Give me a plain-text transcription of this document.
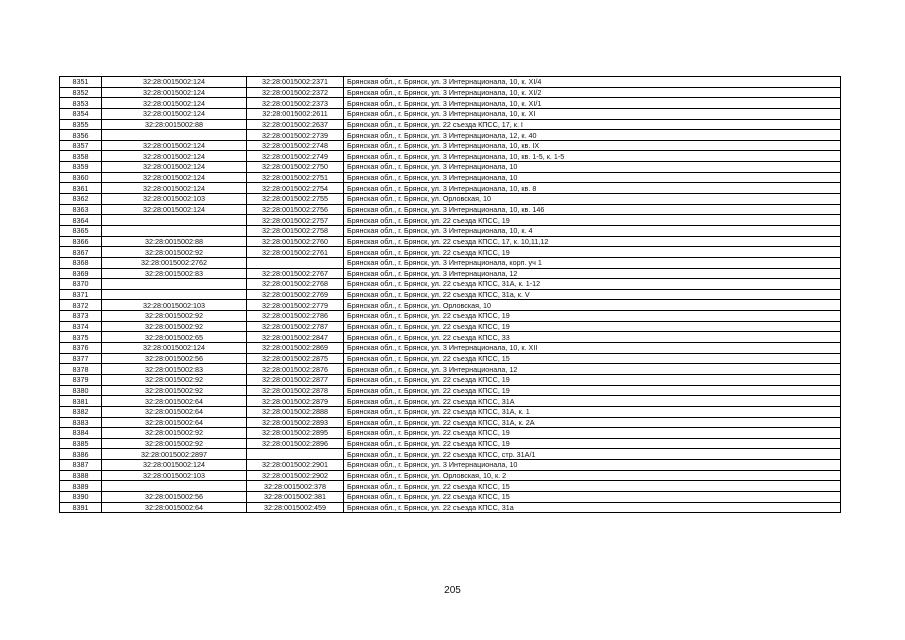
8351	32:28:0015002:124	32:28:0015002:2371	Брянская обл., г. Брянск, ул. 3 Интернационала, 10, к. XI/4
8352	32:28:0015002:124	32:28:0015002:2372	Брянская обл., г. Брянск, ул. 3 Интернационала, 10, к. XI/2
8353	32:28:0015002:124	32:28:0015002:2373	Брянская обл., г. Брянск, ул. 3 Интернационала, 10, к. XI/1
8354	32:28:0015002:124	32:28:0015002:2611	Брянская обл., г. Брянск, ул. 3 Интернационала, 10, к. XI
8355	32:28:0015002:88	32:28:0015002:2637	Брянская обл., г. Брянск, ул. 22 съезда КПСС, 17, к. I
8356		32:28:0015002:2739	Брянская обл., г. Брянск, ул. 3 Интернационала, 12, к. 40
8357	32:28:0015002:124	32:28:0015002:2748	Брянская обл., г. Брянск, ул. 3 Интернационала, 10, кв. IX
8358	32:28:0015002:124	32:28:0015002:2749	Брянская обл., г. Брянск, ул. 3 Интернационала, 10, кв. 1-5, к. 1-5
8359	32:28:0015002:124	32:28:0015002:2750	Брянская обл., г. Брянск, ул. 3 Интернационала, 10
8360	32:28:0015002:124	32:28:0015002:2751	Брянская обл., г. Брянск, ул. 3 Интернационала, 10
8361	32:28:0015002:124	32:28:0015002:2754	Брянская обл., г. Брянск, ул. 3 Интернационала, 10, кв. 8
8362	32:28:0015002:103	32:28:0015002:2755	Брянская обл., г. Брянск, ул. Орловская, 10
8363	32:28:0015002:124	32:28:0015002:2756	Брянская обл., г. Брянск, ул. 3 Интернационала, 10, кв. 146
8364		32:28:0015002:2757	Брянская обл., г. Брянск, ул. 22 съезда КПСС, 19
8365		32:28:0015002:2758	Брянская обл., г. Брянск, ул. 3 Интернационала, 10, к. 4
8366	32:28:0015002:88	32:28:0015002:2760	Брянская обл., г. Брянск, ул. 22 съезда КПСС, 17, к. 10,11,12
8367	32:28:0015002:92	32:28:0015002:2761	Брянская обл., г. Брянск, ул. 22 съезда КПСС, 19
8368	32:28:0015002:2762		Брянская обл., г. Брянск, ул. 3 Интернационала, корп. уч 1
8369	32:28:0015002:83	32:28:0015002:2767	Брянская обл., г. Брянск, ул. 3 Интернационала, 12
8370		32:28:0015002:2768	Брянская обл., г. Брянск, ул. 22 съезда КПСС, 31А, к. 1-12
8371		32:28:0015002:2769	Брянская обл., г. Брянск, ул. 22 съезда КПСС, 31а, к. V
8372	32:28:0015002:103	32:28:0015002:2779	Брянская обл., г. Брянск, ул. Орловская, 10
8373	32:28:0015002:92	32:28:0015002:2786	Брянская обл., г. Брянск, ул. 22 съезда КПСС, 19
8374	32:28:0015002:92	32:28:0015002:2787	Брянская обл., г. Брянск, ул. 22 съезда КПСС, 19
8375	32:28:0015002:65	32:28:0015002:2847	Брянская обл., г. Брянск, ул. 22 съезда КПСС, 33
8376	32:28:0015002:124	32:28:0015002:2869	Брянская обл., г. Брянск, ул. 3 Интернационала, 10, к. XII
8377	32:28:0015002:56	32:28:0015002:2875	Брянская обл., г. Брянск, ул. 22 съезда КПСС, 15
8378	32:28:0015002:83	32:28:0015002:2876	Брянская обл., г. Брянск, ул. 3 Интернационала, 12
8379	32:28:0015002:92	32:28:0015002:2877	Брянская обл., г. Брянск, ул. 22 съезда КПСС, 19
8380	32:28:0015002:92	32:28:0015002:2878	Брянская обл., г. Брянск, ул. 22 съезда КПСС, 19
8381	32:28:0015002:64	32:28:0015002:2879	Брянская обл., г. Брянск, ул. 22 съезда КПСС, 31А
8382	32:28:0015002:64	32:28:0015002:2888	Брянская обл., г. Брянск, ул. 22 съезда КПСС, 31А, к. 1
8383	32:28:0015002:64	32:28:0015002:2893	Брянская обл., г. Брянск, ул. 22 съезда КПСС, 31А, к. 2А
8384	32:28:0015002:92	32:28:0015002:2895	Брянская обл., г. Брянск, ул. 22 съезда КПСС, 19
8385	32:28:0015002:92	32:28:0015002:2896	Брянская обл., г. Брянск, ул. 22 съезда КПСС, 19
8386	32:28:0015002:2897		Брянская обл., г. Брянск, ул. 22 съезда КПСС, стр. 31А/1
8387	32:28:0015002:124	32:28:0015002:2901	Брянская обл., г. Брянск, ул. 3 Интернационала, 10
8388	32:28:0015002:103	32:28:0015002:2902	Брянская обл., г. Брянск, ул. Орловская, 10, к. 2
8389		32:28:0015002:378	Брянская обл., г. Брянск, ул. 22 съезда КПСС, 15
8390	32:28:0015002:56	32:28:0015002:381	Брянская обл., г. Брянск, ул. 22 съезда КПСС, 15
8391	32:28:0015002:64	32:28:0015002:459	Брянская обл., г. Брянск, ул. 22 съезда КПСС, 31а
205
